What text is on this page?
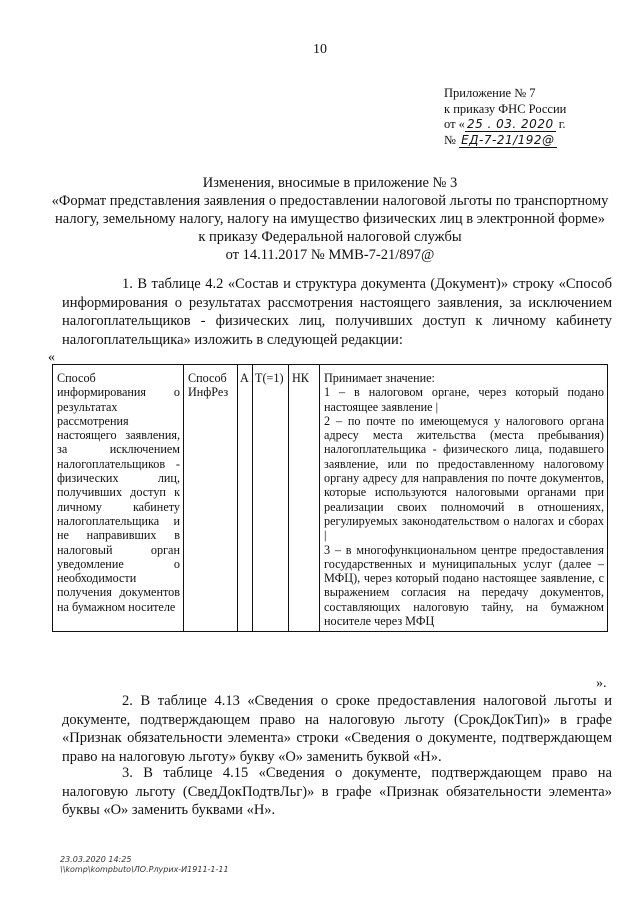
10
Приложение № 7
к приказу ФНС России
от « 25 . 03. 2020 г.
№ ЕД-7-21/192@
Изменения, вносимые в приложение № 3
«Формат представления заявления о предоставлении налоговой льготы по транспортному налогу, земельному налогу, налогу на имущество физических лиц в электронной форме» к приказу Федеральной налоговой службы
от 14.11.2017 № ММВ-7-21/897@
1. В таблице 4.2 «Состав и структура документа (Документ)» строку «Способ информирования о результатах рассмотрения настоящего заявления, за исключением налогоплательщиков - физических лиц, получивших доступ к личному кабинету налогоплательщика» изложить в следующей редакции:
«
Способ информирования о результатах рассмотрения настоящего заявления, за исключением налогоплательщиков - физических лиц, получивших доступ к личному кабинету налогоплательщика и не направивших в налоговый орган уведомление о необходимости получения документов на бумажном носителе	Способ ИнфРез	А	Т(=1)	НК	Принимает значение:
1 – в налоговом органе, через который подано настоящее заявление |
2 – по почте по имеющемуся у налогового органа адресу места жительства (места пребывания) налогоплательщика - физического лица, подавшего заявление, или по предоставленному налоговому органу адресу для направления по почте документов, которые используются налоговыми органами при реализации своих полномочий в отношениях, регулируемых законодательством о налогах и сборах |
3 – в многофункциональном центре предоставления государственных и муниципальных услуг (далее – МФЦ), через который подано настоящее заявление, с выражением согласия на передачу документов, составляющих налоговую тайну, на бумажном носителе через МФЦ
».
2. В таблице 4.13 «Сведения о сроке предоставления налоговой льготы и документе, подтверждающем право на налоговую льготу (СрокДокТип)» в графе «Признак обязательности элемента» строки «Сведения о документе, подтверждающем право на налоговую льготу» букву «О» заменить буквой «Н».
3. В таблице 4.15 «Сведения о документе, подтверждающем право на налоговую льготу (СведДокПодтвЛьг)» в графе «Признак обязательности элемента» буквы «О» заменить буквами «Н».
23.03.2020 14:25
\\komp\kompbuto\ЛО.Рлурих-И1911-1-11
